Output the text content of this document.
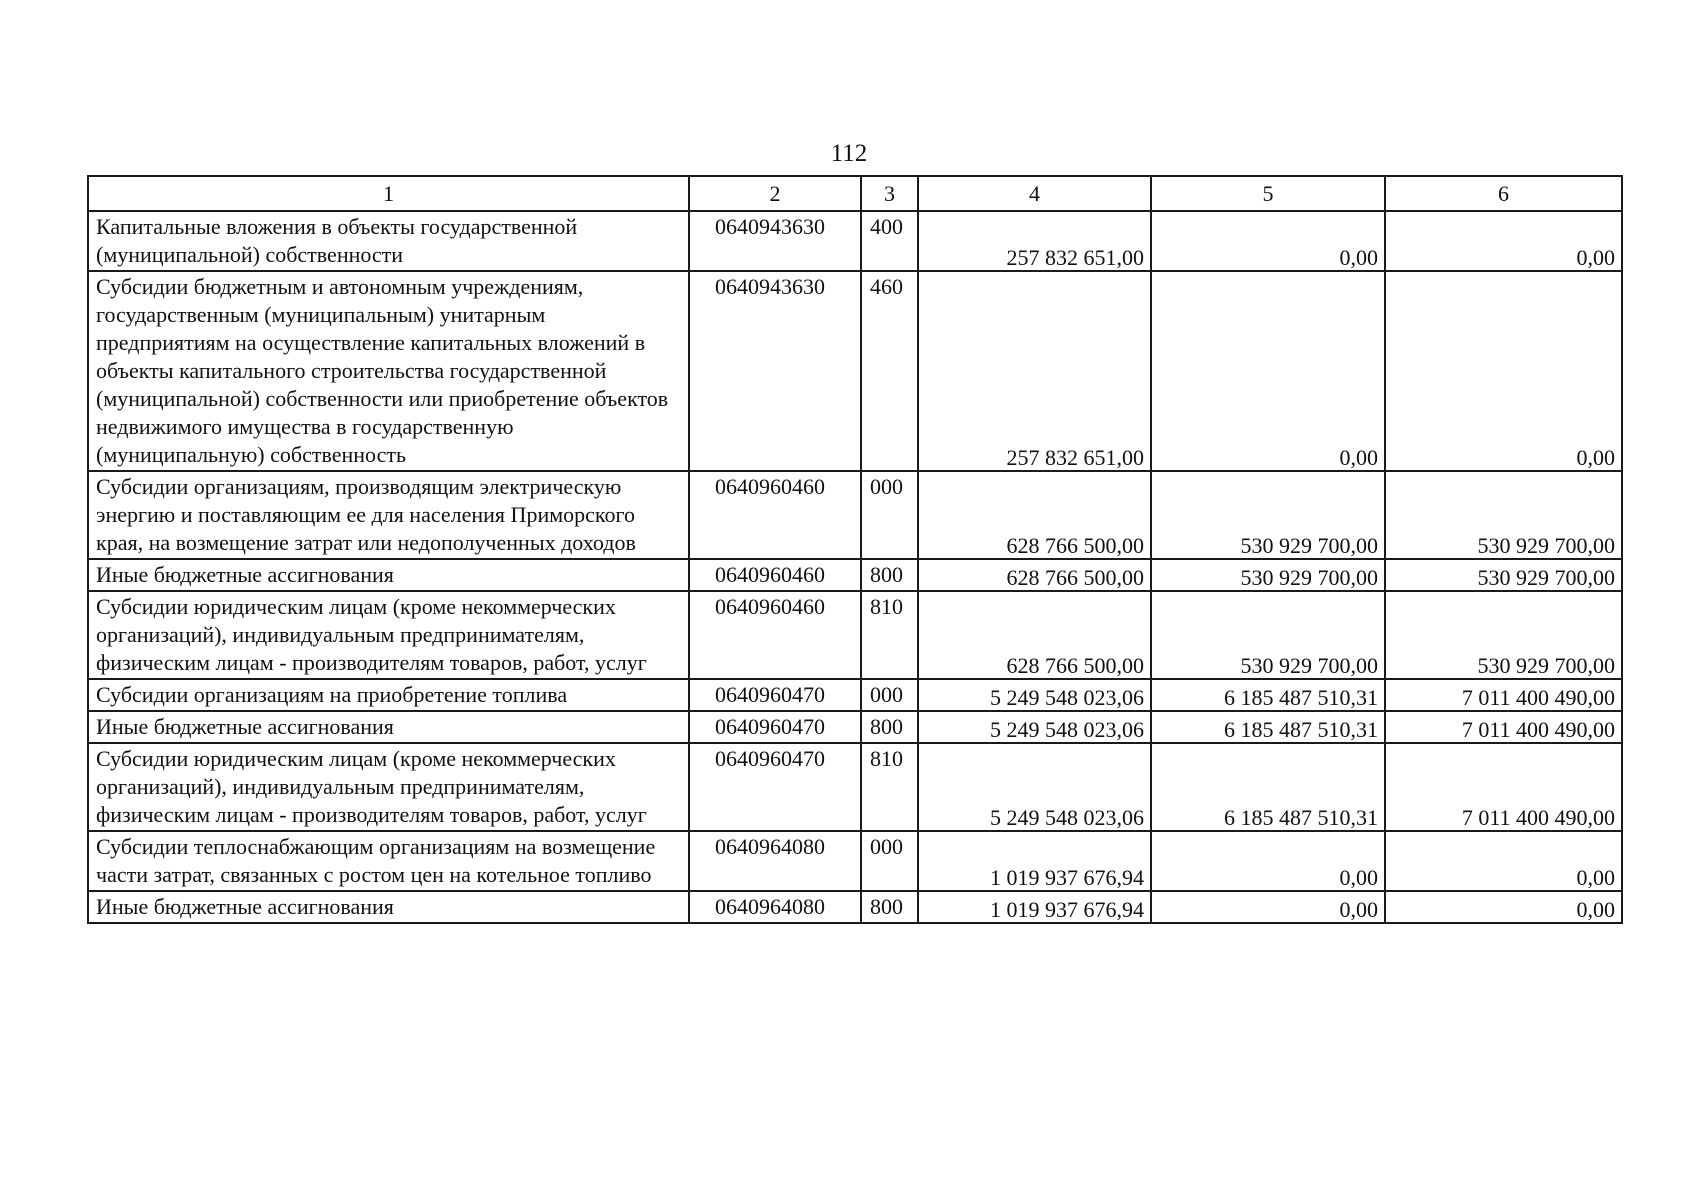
112
1	2	3	4	5	6
Капитальные вложения в объекты государственной (муниципальной) собственности	0640943630	400	257 832 651,00	0,00	0,00
Субсидии бюджетным и автономным учреждениям, государственным (муниципальным) унитарным предприятиям на осуществление капитальных вложений в объекты капитального строительства государственной (муниципальной) собственности или приобретение объектов недвижимого имущества в государственную (муниципальную) собственность	0640943630	460	257 832 651,00	0,00	0,00
Субсидии организациям, производящим электрическую энергию и поставляющим ее для населения Приморского края, на возмещение затрат или недополученных доходов	0640960460	000	628 766 500,00	530 929 700,00	530 929 700,00
Иные бюджетные ассигнования	0640960460	800	628 766 500,00	530 929 700,00	530 929 700,00
Субсидии юридическим лицам (кроме некоммерческих организаций), индивидуальным предпринимателям, физическим лицам - производителям товаров, работ, услуг	0640960460	810	628 766 500,00	530 929 700,00	530 929 700,00
Субсидии организациям на приобретение топлива	0640960470	000	5 249 548 023,06	6 185 487 510,31	7 011 400 490,00
Иные бюджетные ассигнования	0640960470	800	5 249 548 023,06	6 185 487 510,31	7 011 400 490,00
Субсидии юридическим лицам (кроме некоммерческих организаций), индивидуальным предпринимателям, физическим лицам - производителям товаров, работ, услуг	0640960470	810	5 249 548 023,06	6 185 487 510,31	7 011 400 490,00
Субсидии теплоснабжающим организациям на возмещение части затрат, связанных с ростом цен на котельное топливо	0640964080	000	1 019 937 676,94	0,00	0,00
Иные бюджетные ассигнования	0640964080	800	1 019 937 676,94	0,00	0,00
